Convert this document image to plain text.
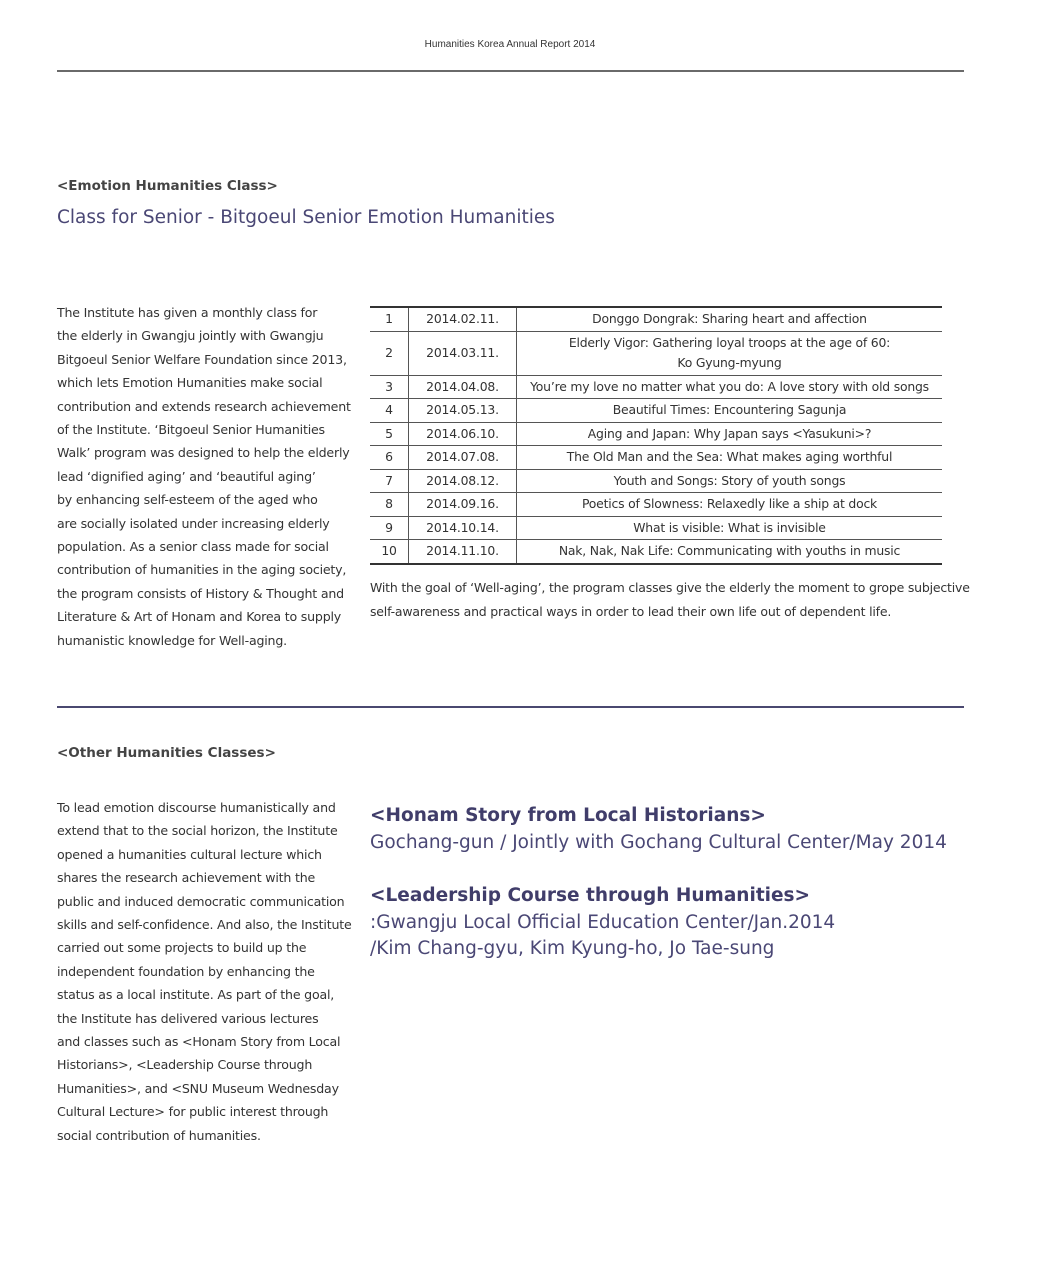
Humanities Korea Annual Report 2014
<Emotion Humanities Class>
Class for Senior - Bitgoeul Senior Emotion Humanities
The Institute has given a monthly class for
the elderly in Gwangju jointly with Gwangju
Bitgoeul Senior Welfare Foundation since 2013,
which lets Emotion Humanities make social
contribution and extends research achievement
of the Institute. ‘Bitgoeul Senior Humanities
Walk’ program was designed to help the elderly
lead ‘dignified aging’ and ‘beautiful aging’
by enhancing self-esteem of the aged who
are socially isolated under increasing elderly
population. As a senior class made for social
contribution of humanities in the aging society,
the program consists of History & Thought and
Literature & Art of Honam and Korea to supply
humanistic knowledge for Well-aging.
1	2014.02.11.	Donggo Dongrak: Sharing heart and affection
2	2014.03.11.	Elderly Vigor: Gathering loyal troops at the age of 60:
Ko Gyung-myung

3	2014.04.08.	You’re my love no matter what you do: A love story with old songs
4	2014.05.13.	Beautiful Times: Encountering Sagunja
5	2014.06.10.	Aging and Japan: Why Japan says <Yasukuni>?
6	2014.07.08.	The Old Man and the Sea: What makes aging worthful
7	2014.08.12.	Youth and Songs: Story of youth songs
8	2014.09.16.	Poetics of Slowness: Relaxedly like a ship at dock
9	2014.10.14.	What is visible: What is invisible
10	2014.11.10.	Nak, Nak, Nak Life: Communicating with youths in music
With the goal of ‘Well-aging’, the program classes give the elderly the moment to grope subjective
self-awareness and practical ways in order to lead their own life out of dependent life.
<Other Humanities Classes>
To lead emotion discourse humanistically and
extend that to the social horizon, the Institute
opened a humanities cultural lecture which
shares the research achievement with the
public and induced democratic communication
skills and self-confidence. And also, the Institute
carried out some projects to build up the
independent foundation by enhancing the
status as a local institute. As part of the goal,
the Institute has delivered various lectures
and classes such as <Honam Story from Local
Historians>, <Leadership Course through
Humanities>, and <SNU Museum Wednesday
Cultural Lecture> for public interest through
social contribution of humanities.
<Honam Story from Local Historians>
Gochang-gun / Jointly with Gochang Cultural Center/May 2014
<Leadership Course through Humanities>
:Gwangju Local Official Education Center/Jan.2014
/Kim Chang-gyu, Kim Kyung-ho, Jo Tae-sung
